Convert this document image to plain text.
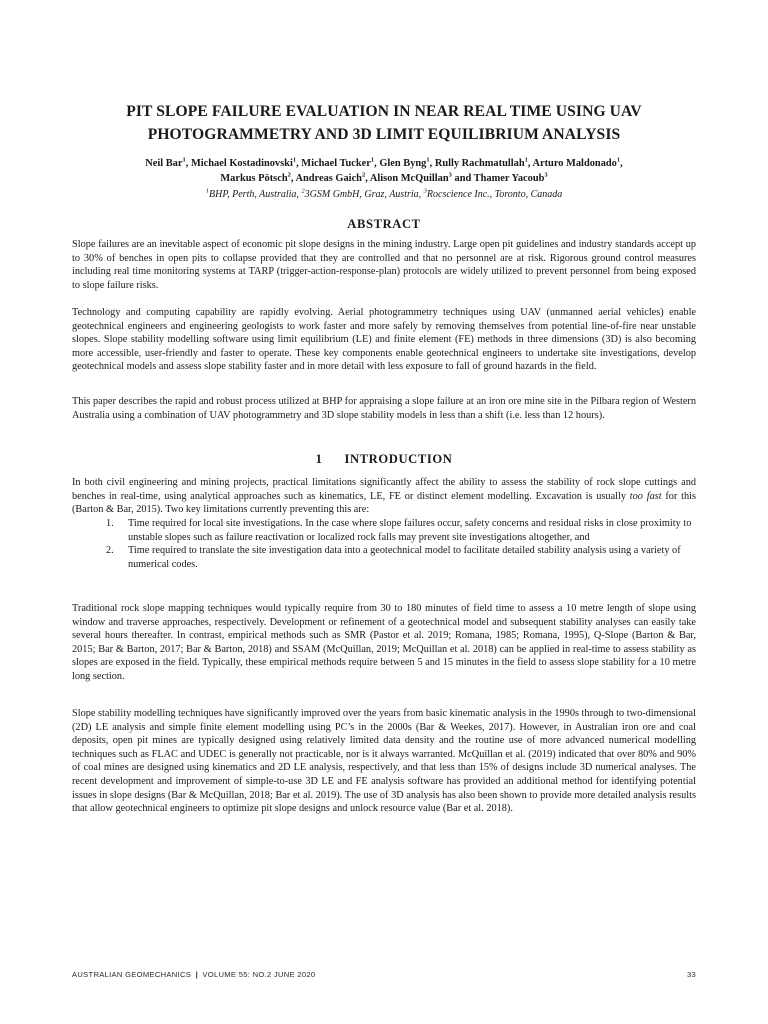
PIT SLOPE FAILURE EVALUATION IN NEAR REAL TIME USING UAV PHOTOGRAMMETRY AND 3D LIMIT EQUILIBRIUM ANALYSIS

Neil Bar$^1$, Michael Kostadinovski$^1$, Michael Tucker$^1$, Glen Byng$^1$, Rully Rachmatullah$^1$, Arturo Maldonado$^1$,
Markus Pötsch$^2$, Andreas Gaich$^2$, Alison McQuillan$^3$ and Thamer Yacoub$^3$

$^1$BHP, Perth, Australia, $^2$3GSM GmbH, Graz, Austria, $^3$Rocscience Inc., Toronto, Canada

ABSTRACT

Slope failures are an inevitable aspect of economic pit slope designs in the mining industry. Large open pit guidelines and industry standards accept up to 30% of benches in open pits to collapse provided that they are controlled and that no personnel are at risk. Rigorous ground control measures including real time monitoring systems at TARP (trigger-action-response-plan) protocols are widely utilized to prevent personnel from being exposed to slope failure risks.

Technology and computing capability are rapidly evolving. Aerial photogrammetry techniques using UAV (unmanned aerial vehicles) enable geotechnical engineers and engineering geologists to work faster and more safely by removing themselves from potential line-of-fire near unstable slopes. Slope stability modelling software using limit equilibrium (LE) and finite element (FE) methods in three dimensions (3D) is also becoming more accessible, user-friendly and faster to operate. These key components enable geotechnical engineers to undertake site investigations, develop geotechnical models and assess slope stability faster and in more detail with less exposure to fall of ground hazards in the field.

This paper describes the rapid and robust process utilized at BHP for appraising a slope failure at an iron ore mine site in the Pilbara region of Western Australia using a combination of UAV photogrammetry and 3D slope stability models in less than a shift (i.e. less than 12 hours).

1 INTRODUCTION

In both civil engineering and mining projects, practical limitations significantly affect the ability to assess the stability of rock slope cuttings and benches in real-time, using analytical approaches such as kinematics, LE, FE or distinct element modelling. Excavation is usually too fast for this (Barton & Bar, 2015). Two key limitations currently preventing this are:

1. Time required for local site investigations. In the case where slope failures occur, safety concerns and residual risks in close proximity to unstable slopes such as failure reactivation or localized rock falls may prevent site investigations altogether, and
2. Time required to translate the site investigation data into a geotechnical model to facilitate detailed stability analysis using a variety of numerical codes.

Traditional rock slope mapping techniques would typically require from 30 to 180 minutes of field time to assess a 10 metre length of slope using window and traverse approaches, respectively. Development or refinement of a geotechnical model and subsequent stability analyses can easily take several hours thereafter. In contrast, empirical methods such as SMR (Pastor et al. 2019; Romana, 1985; Romana, 1995), Q-Slope (Barton & Bar, 2015; Bar & Barton, 2017; Bar & Barton, 2018) and SSAM (McQuillan, 2019; McQuillan et al. 2018) can be applied in real-time to assess stability as slopes are exposed in the field. Typically, these empirical methods require between 5 and 15 minutes in the field to assess slope stability for a 10 metre long section.

Slope stability modelling techniques have significantly improved over the years from basic kinematic analysis in the 1990s through to two-dimensional (2D) LE analysis and simple finite element modelling using PC’s in the 2000s (Bar & Weekes, 2017). However, in Australian iron ore and coal deposits, open pit mines are typically designed using relatively limited data density and the routine use of more advanced numerical modelling techniques such as FLAC and UDEC is generally not practicable, nor is it always warranted. McQuillan et al. (2019) indicated that over 80% and 90% of coal mines are designed using kinematics and 2D LE analysis, respectively, and that less than 15% of designs include 3D numerical analyses. The recent development and improvement of simple-to-use 3D LE and FE analysis software has provided an additional method for identifying potential issues in slope designs (Bar & McQuillan, 2018; Bar et al. 2019). The use of 3D analysis has also been shown to provide more detailed analysis results that allow geotechnical engineers to optimize pit slope designs and unlock resource value (Bar et al. 2018).

AUSTRALIAN GEOMECHANICS | VOLUME 55: NO.2 JUNE 2020	33
